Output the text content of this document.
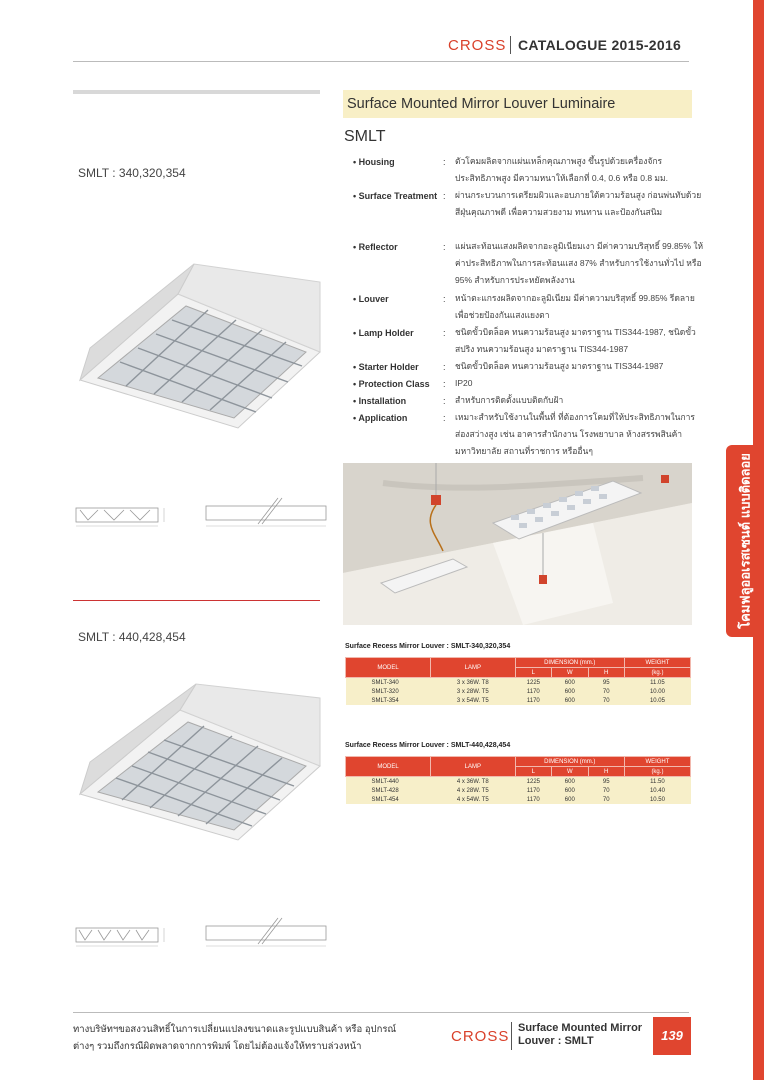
โคมฟลูออเรสเซนต์ แบบติดลอย
CROSS CATALOGUE 2015-2016
Surface Mounted Mirror Louver Luminaire
SMLT
• Housing	: ตัวโคมผลิตจากแผ่นเหล็กคุณภาพสูง ขึ้นรูปด้วยเครื่องจักรประสิทธิภาพสูง มีความหนาให้เลือกที่ 0.4, 0.6 หรือ 0.8 มม.
• Surface Treatment : ผ่านกระบวนการเตรียมผิวและอบภายใต้ความร้อนสูง ก่อนพ่นทับด้วยสีฝุ่นคุณภาพดี เพื่อความสวยงาม ทนทาน และป้องกันสนิม
• Reflector	: แผ่นสะท้อนแสงผลิตจากอะลูมิเนียมเงา มีค่าความบริสุทธิ์ 99.85% ให้ค่าประสิทธิภาพในการสะท้อนแสง 87% สำหรับการใช้งานทั่วไป หรือ 95% สำหรับการประหยัดพลังงาน
• Louver	: หน้าตะแกรงผลิตจากอะลูมิเนียม มีค่าความบริสุทธิ์ 99.85% รีดลายเพื่อช่วยป้องกันแสงแยงตา
• Lamp Holder	: ชนิดขั้วบิดล็อค ทนความร้อนสูง มาตราฐาน TIS344-1987, ชนิดขั้วสปริง ทนความร้อนสูง มาตราฐาน TIS344-1987
• Starter Holder	: ชนิดขั้วบิดล็อค ทนความร้อนสูง มาตราฐาน TIS344-1987
• Protection Class : IP20
• Installation	: สำหรับการติดตั้งแบบติดกับฝ้า
• Application	: เหมาะสำหรับใช้งานในพื้นที่ ที่ต้องการโคมที่ให้ประสิทธิภาพในการส่องสว่างสูง เช่น อาคารสำนักงาน โรงพยาบาล ห้างสรรพสินค้า มหาวิทยาลัย สถานที่ราชการ หรืออื่นๆ
SMLT : 340,320,354
SMLT : 440,428,454
Surface Recess Mirror Louver : SMLT-340,320,354
MODEL	LAMP	DIMENSION (mm.)			WEIGHT
		L	W	H	(kg.)
SMLT-340	3 x 36W. T8	1225	600	95	11.05
SMLT-320	3 x 28W. T5	1170	600	70	10.00
SMLT-354	3 x 54W. T5	1170	600	70	10.05
Surface Recess Mirror Louver : SMLT-440,428,454
MODEL	LAMP	DIMENSION (mm.)			WEIGHT
		L	W	H	(kg.)
SMLT-440	4 x 36W. T8	1225	600	95	11.50
SMLT-428	4 x 28W. T5	1170	600	70	10.40
SMLT-454	4 x 54W. T5	1170	600	70	10.50
ทางบริษัทฯขอสงวนสิทธิ์ในการเปลี่ยนแปลงขนาดและรูปแบบสินค้า หรือ อุปกรณ์
ต่างๆ รวมถึงกรณีผิดพลาดจากการพิมพ์ โดยไม่ต้องแจ้งให้ทราบล่วงหน้า
CROSS Surface Mounted Mirror
Louver : SMLT	139
